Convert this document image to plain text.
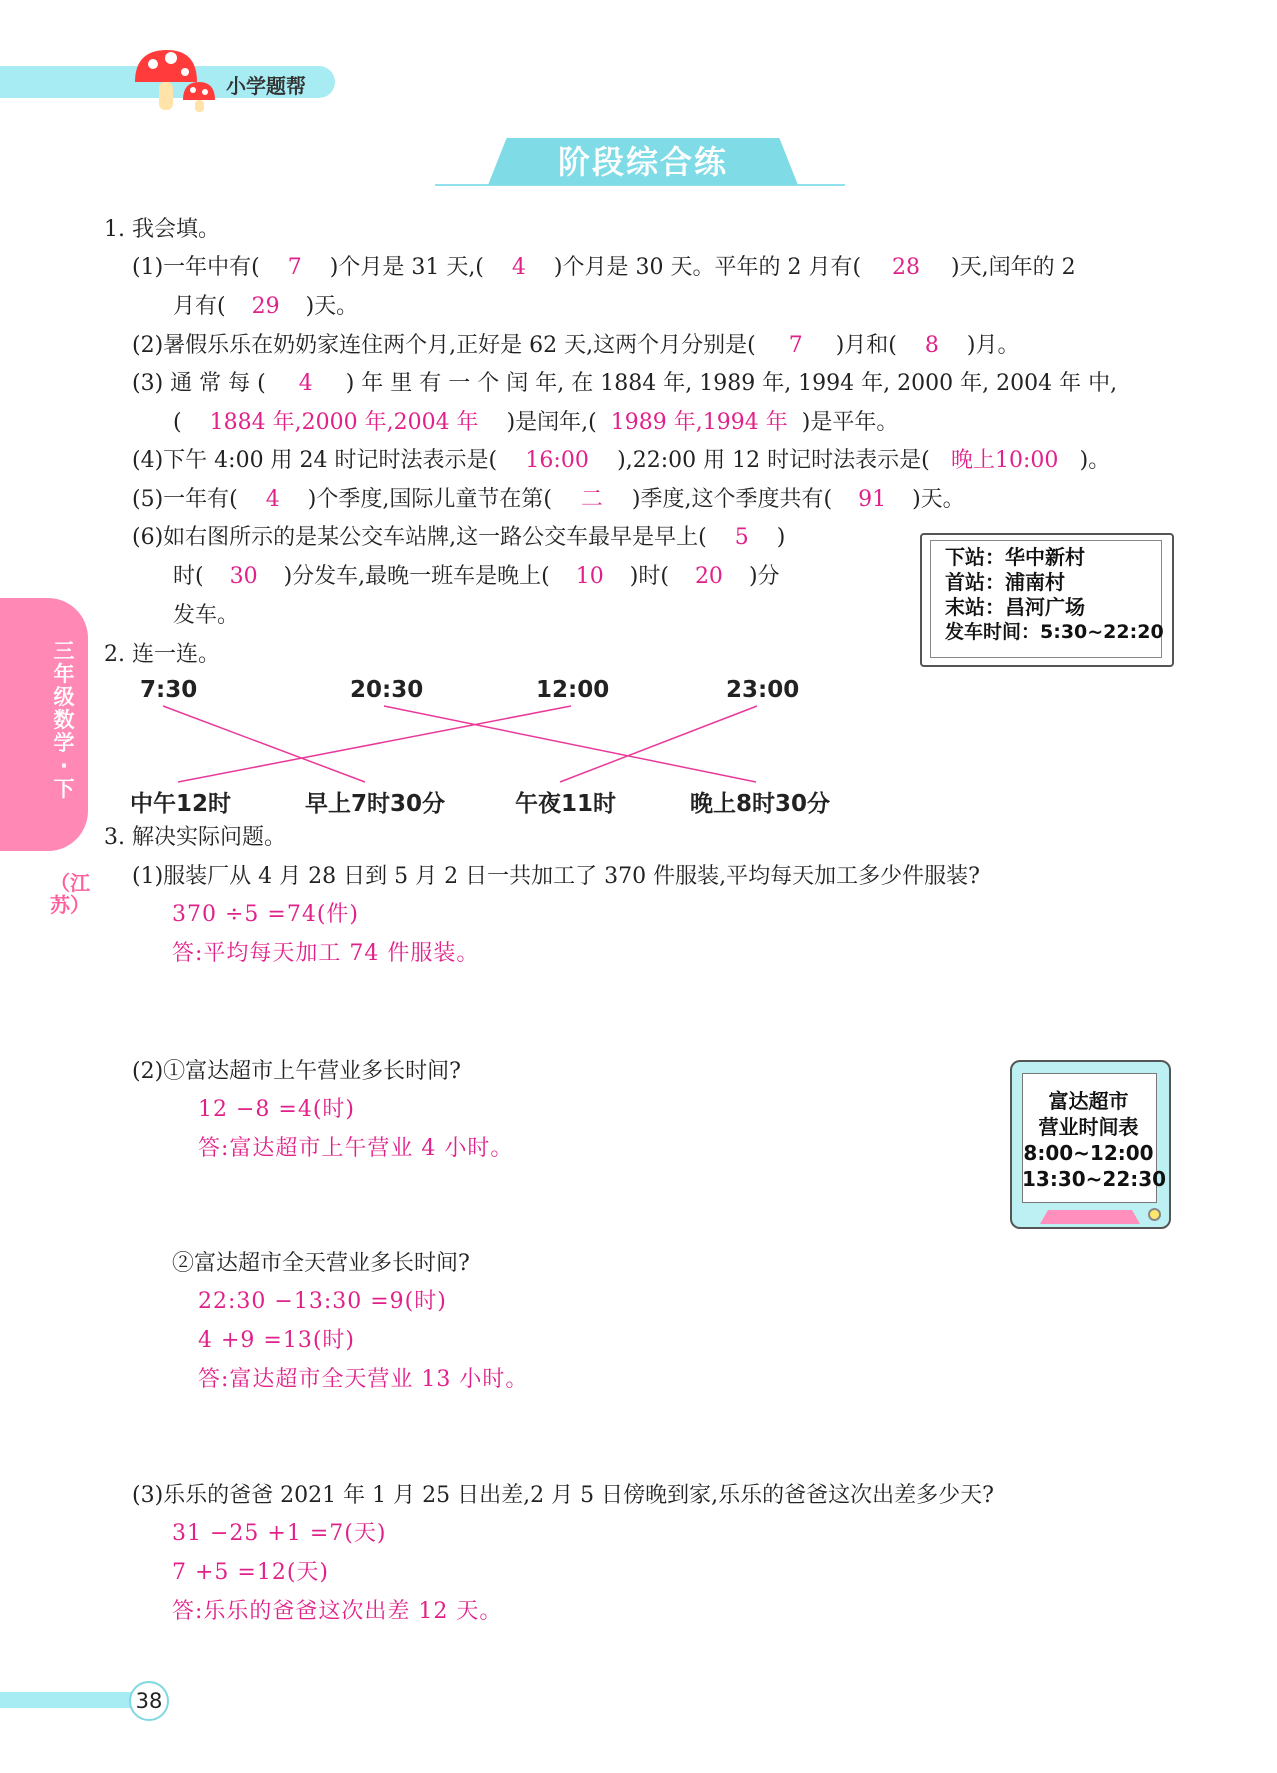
小学题帮
阶段综合练
三年级数学·下
（江苏）
1. 我会填。
(1)一年中有( 7 )个月是 31 天,( 4 )个月是 30 天。平年的 2 月有( 28 )天,闰年的 2
月有( 29 )天。
(2)暑假乐乐在奶奶家连住两个月,正好是 62 天,这两个月分别是( 7 )月和( 8 )月。
(3) 通 常 每 ( 4 ) 年 里 有 一 个 闰 年, 在 1884 年, 1989 年, 1994 年, 2000 年, 2004 年 中,
( 1884 年,2000 年,2004 年 )是闰年,( 1989 年,1994 年 )是平年。
(4)下午 4:00 用 24 时记时法表示是( 16:00 ),22:00 用 12 时记时法表示是( 晚上10:00 )。
(5)一年有( 4 )个季度,国际儿童节在第( 二 )季度,这个季度共有( 91 )天。
(6)如右图所示的是某公交车站牌,这一路公交车最早是早上( 5 )
时( 30 )分发车,最晚一班车是晚上( 10 )时( 20 )分
发车。
下站：华中新村
首站：浦南村
末站：昌河广场
发车时间：5:30~22:20
2. 连一连。
7:30	20:30	12:00	23:00
中午12时	早上7时30分	午夜11时	晚上8时30分
3. 解决实际问题。
(1)服装厂从 4 月 28 日到 5 月 2 日一共加工了 370 件服装,平均每天加工多少件服装?
370 ÷5 =74(件)
答:平均每天加工 74 件服装。
(2)①富达超市上午营业多长时间?
12 −8 =4(时)
答:富达超市上午营业 4 小时。
富达超市
营业时间表
8:00~12:00
13:30~22:30
②富达超市全天营业多长时间?
22:30 −13:30 =9(时)
4 +9 =13(时)
答:富达超市全天营业 13 小时。
(3)乐乐的爸爸 2021 年 1 月 25 日出差,2 月 5 日傍晚到家,乐乐的爸爸这次出差多少天?
31 −25 +1 =7(天)
7 +5 =12(天)
答:乐乐的爸爸这次出差 12 天。
38
